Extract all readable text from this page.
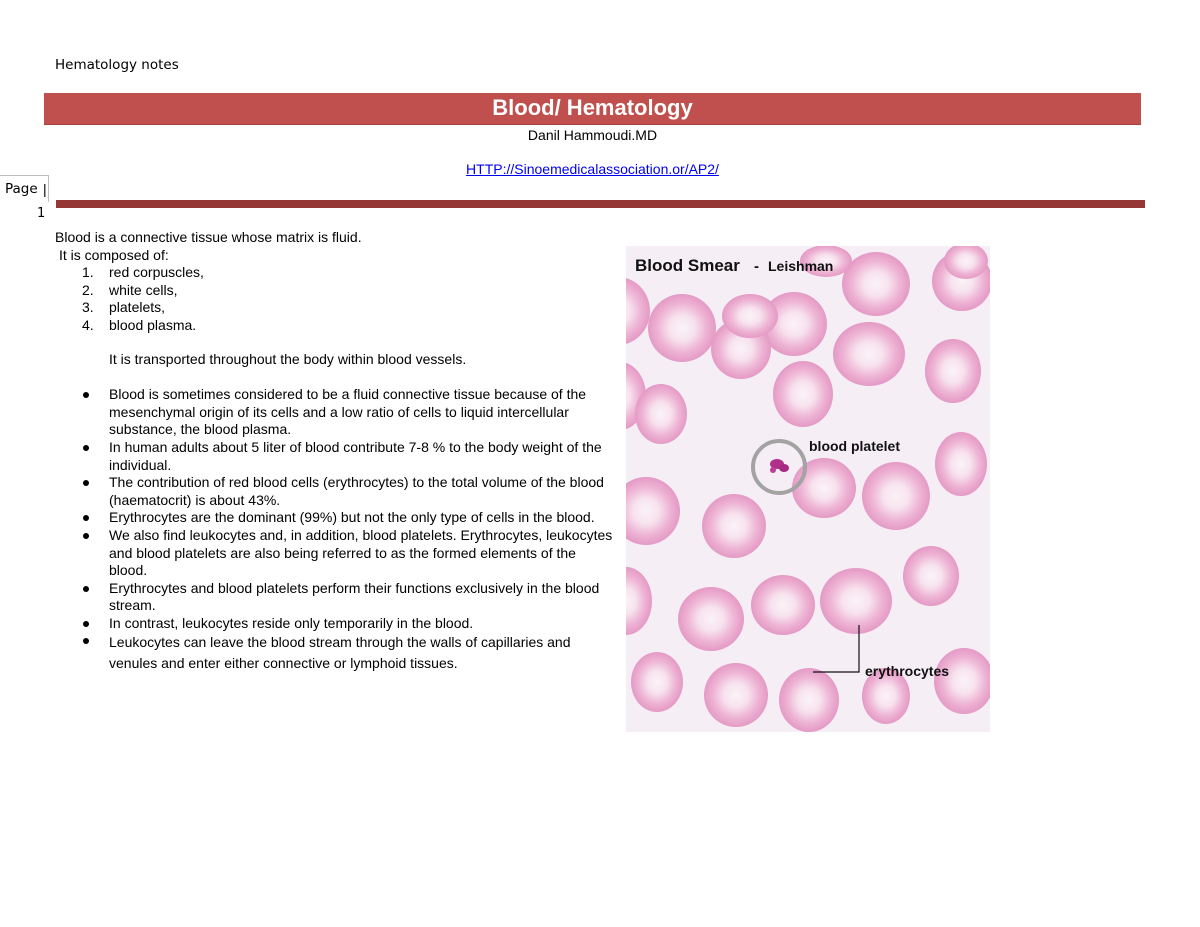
Hematology notes
Blood/ Hematology
Danil Hammoudi.MD
HTTP://Sinoemedicalassociation.or/AP2/
Page |
1

Blood is a connective tissue whose matrix is fluid.

It is composed of:

1. red corpuscles,
2. white cells,
3. platelets,
4. blood plasma.

It is transported throughout the body within blood vessels.

Blood is sometimes considered to be a fluid connective tissue because of the mesenchymal origin of its cells and a low ratio of cells to liquid intercellular substance, the blood plasma.
In human adults about 5 liter of blood contribute 7-8 % to the body weight of the individual.
The contribution of red blood cells (erythrocytes) to the total volume of the blood (haematocrit) is about 43%.
Erythrocytes are the dominant (99%) but not the only type of cells in the blood.
We also find leukocytes and, in addition, blood platelets. Erythrocytes, leukocytes and blood platelets are also being referred to as the formed elements of the blood.
Erythrocytes and blood platelets perform their functions exclusively in the blood stream.
In contrast, leukocytes reside only temporarily in the blood.
Leukocytes can leave the blood stream through the walls of capillaries and venules and enter either connective or lymphoid tissues.
Blood Smear - Leishman
blood platelet
erythrocytes
